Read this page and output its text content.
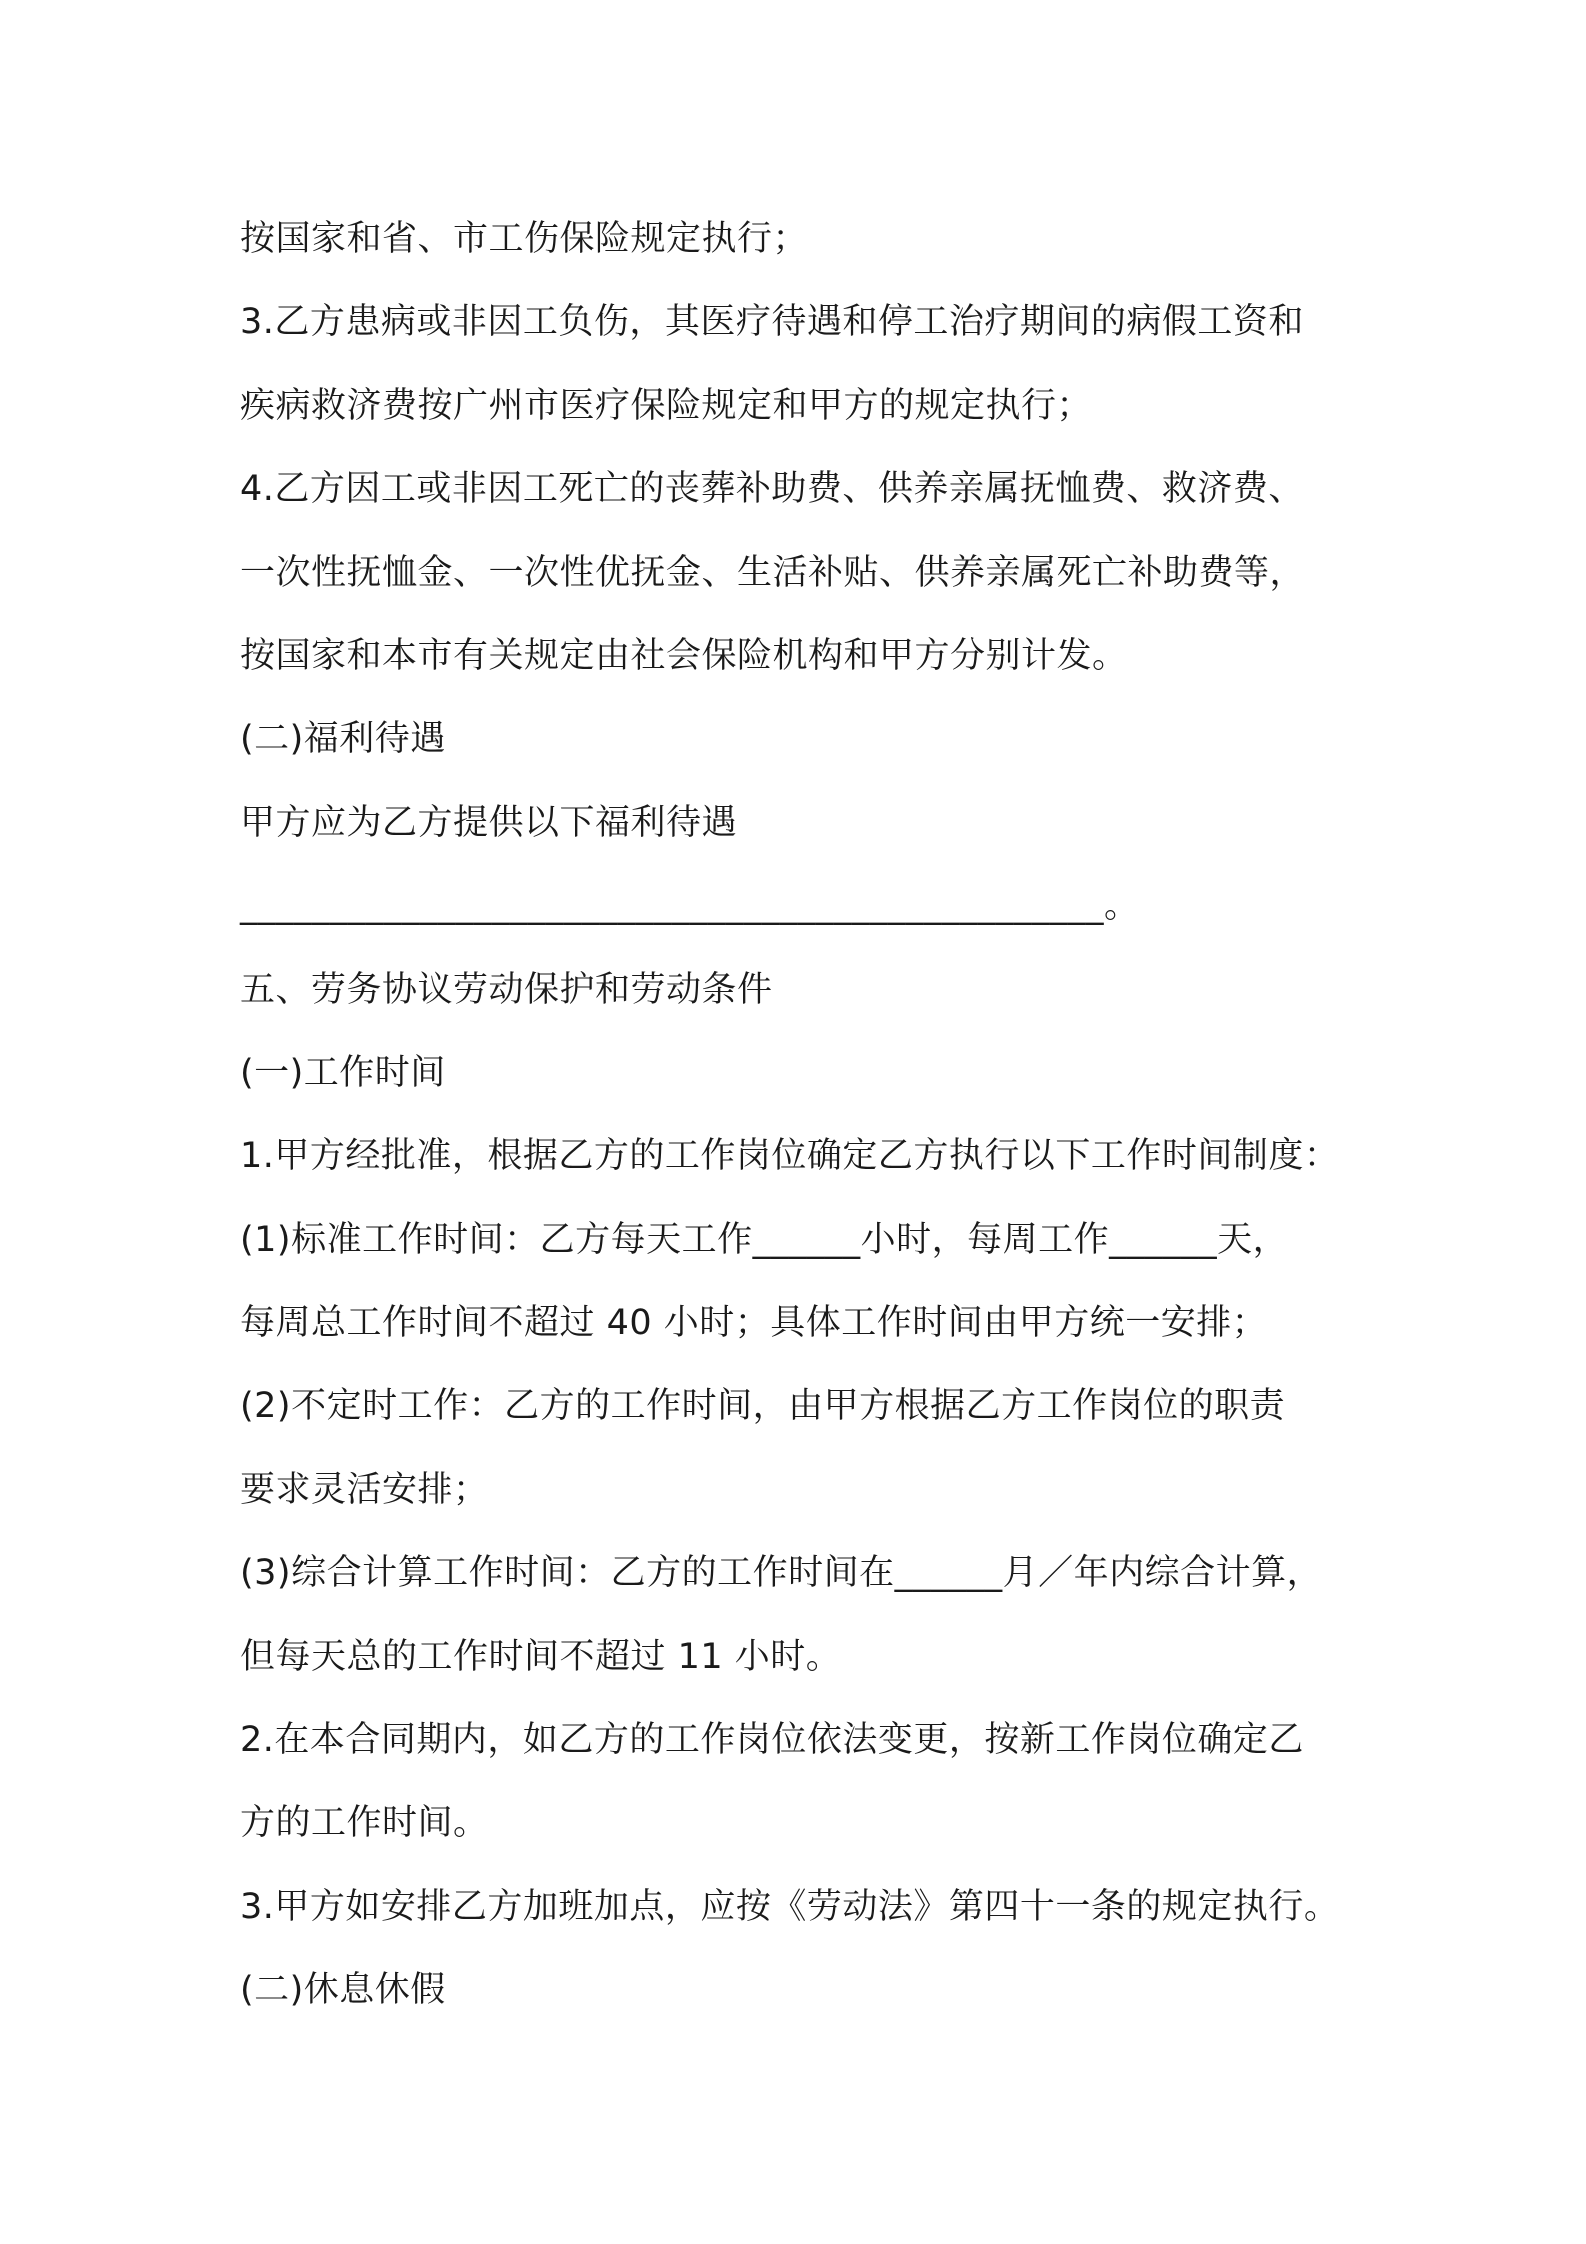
按国家和省、市工伤保险规定执行；
3.乙方患病或非因工负伤，其医疗待遇和停工治疗期间的病假工资和
疾病救济费按广州市医疗保险规定和甲方的规定执行；
4.乙方因工或非因工死亡的丧葬补助费、供养亲属抚恤费、救济费、
一次性抚恤金、一次性优抚金、生活补贴、供养亲属死亡补助费等，
按国家和本市有关规定由社会保险机构和甲方分别计发。
(二)福利待遇
甲方应为乙方提供以下福利待遇
________________________________________________。
五、劳务协议劳动保护和劳动条件
(一)工作时间
1.甲方经批准，根据乙方的工作岗位确定乙方执行以下工作时间制度：
(1)标准工作时间：乙方每天工作______小时，每周工作______天，
每周总工作时间不超过 40 小时；具体工作时间由甲方统一安排；
(2)不定时工作：乙方的工作时间，由甲方根据乙方工作岗位的职责
要求灵活安排；
(3)综合计算工作时间：乙方的工作时间在______月／年内综合计算，
但每天总的工作时间不超过 11 小时。
2.在本合同期内，如乙方的工作岗位依法变更，按新工作岗位确定乙
方的工作时间。
3.甲方如安排乙方加班加点，应按《劳动法》第四十一条的规定执行。
(二)休息休假
